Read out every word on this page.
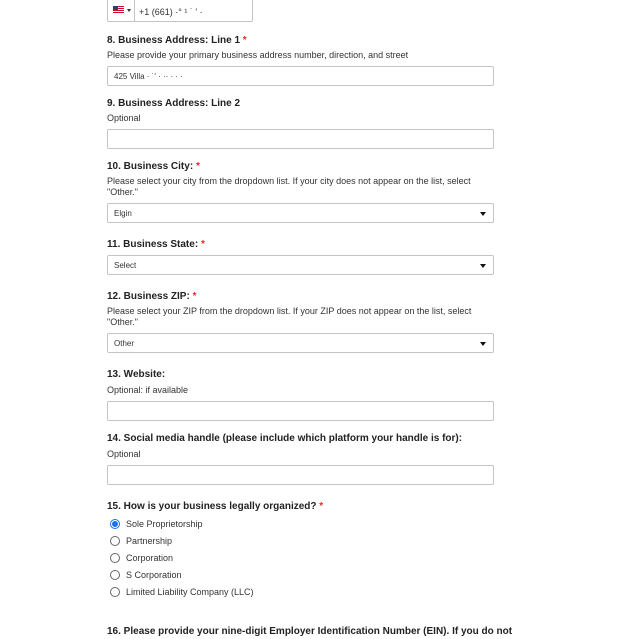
+1 (661) ·° ¹ ˙ ' ·
8. Business Address: Line 1 *
Please provide your primary business address number, direction, and street
425 Villa · ˙' · ·· · · ·
9. Business Address: Line 2
Optional
10. Business City: *
Please select your city from the dropdown list. If your city does not appear on the list, select "Other."
Elgin
11. Business State: *
Select
12. Business ZIP: *
Please select your ZIP from the dropdown list. If your ZIP does not appear on the list, select "Other."
Other
13. Website:
Optional: if available
14. Social media handle (please include which platform your handle is for):
Optional
15. How is your business legally organized? *
Sole Proprietorship
Partnership
Corporation
S Corporation
Limited Liability Company (LLC)
16. Please provide your nine-digit Employer Identification Number (EIN). If you do not
